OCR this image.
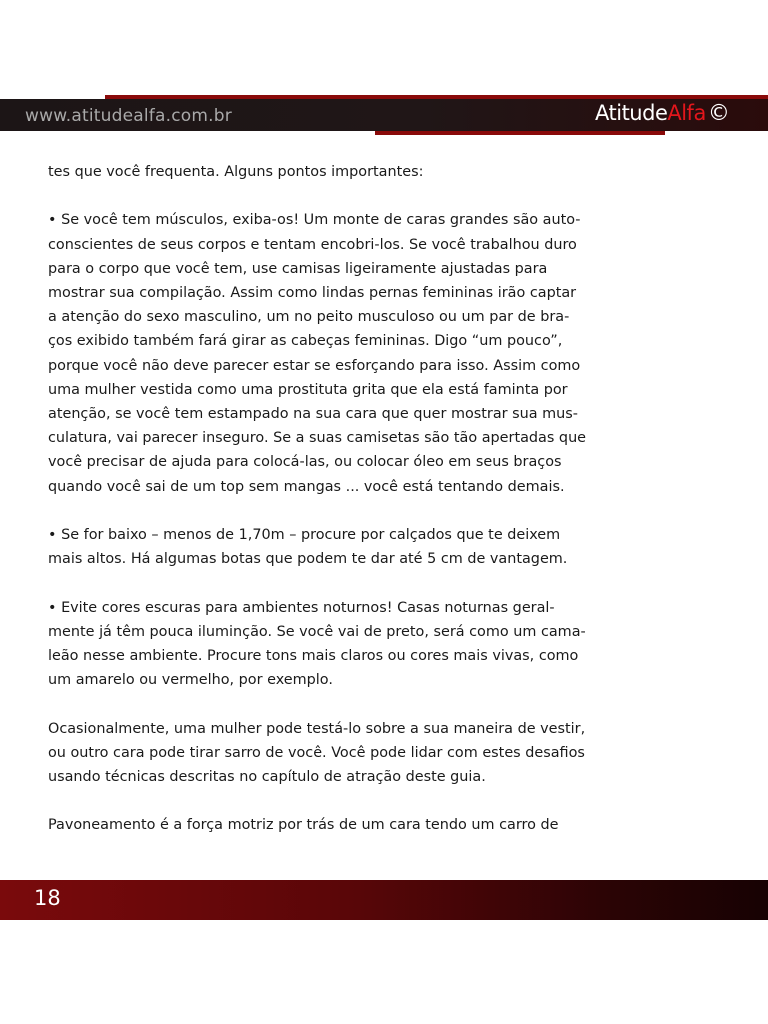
www.atitudealfa.com.br	AtitudeAlfa©

tes que você frequenta. Alguns pontos importantes:

• Se você tem músculos, exiba-os! Um monte de caras grandes são auto-
conscientes de seus corpos e tentam encobri-los. Se você trabalhou duro
para o corpo que você tem, use camisas ligeiramente ajustadas para
mostrar sua compilação. Assim como lindas pernas femininas irão captar
a atenção do sexo masculino, um no peito musculoso ou um par de bra-
ços exibido também fará girar as cabeças femininas. Digo “um pouco”,
porque você não deve parecer estar se esforçando para isso. Assim como
uma mulher vestida como uma prostituta grita que ela está faminta por
atenção, se você tem estampado na sua cara que quer mostrar sua mus-
culatura, vai parecer inseguro. Se a suas camisetas são tão apertadas que
você precisar de ajuda para colocá-las, ou colocar óleo em seus braços
quando você sai de um top sem mangas ... você está tentando demais.

• Se for baixo – menos de 1,70m – procure por calçados que te deixem
mais altos. Há algumas botas que podem te dar até 5 cm de vantagem.

• Evite cores escuras para ambientes noturnos! Casas noturnas geral-
mente já têm pouca iluminção. Se você vai de preto, será como um cama-
leão nesse ambiente. Procure tons mais claros ou cores mais vivas, como
um amarelo ou vermelho, por exemplo.

Ocasionalmente, uma mulher pode testá-lo sobre a sua maneira de vestir,
ou outro cara pode tirar sarro de você. Você pode lidar com estes desafios
usando técnicas descritas no capítulo de atração deste guia.

Pavoneamento é a força motriz por trás de um cara tendo um carro de

18
